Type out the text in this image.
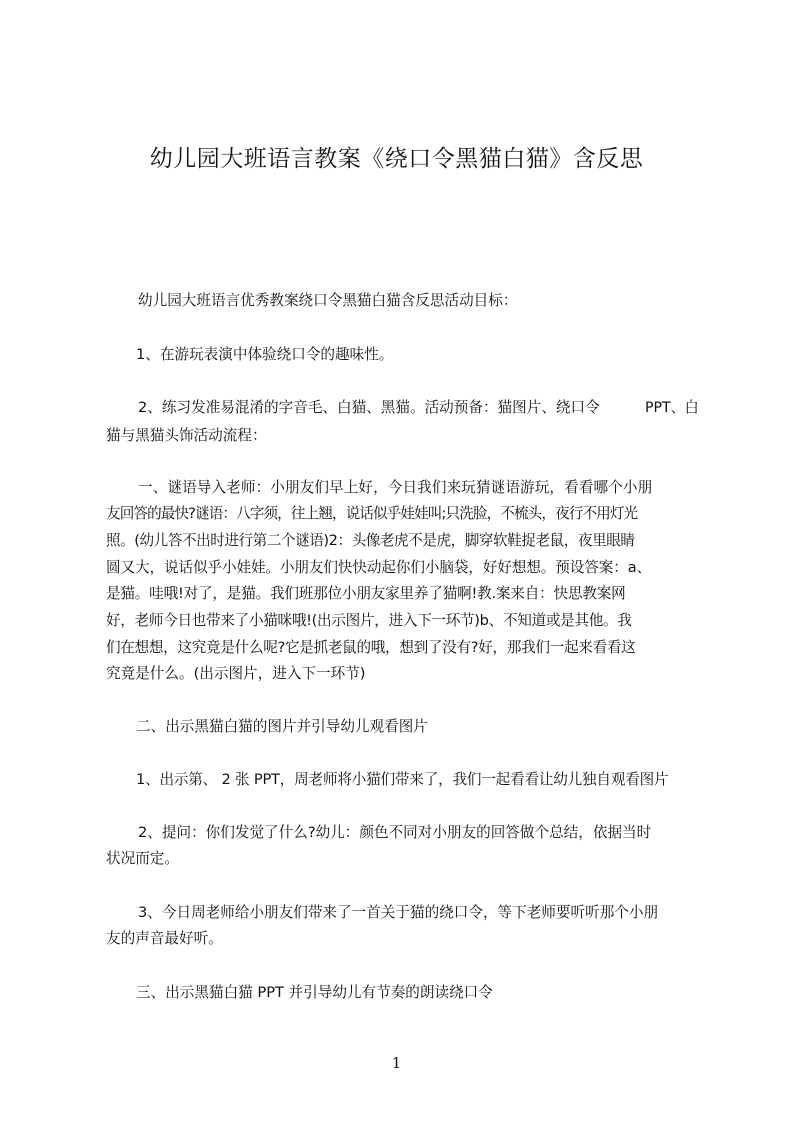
幼儿园大班语言教案《绕口令黑猫白猫》含反思
幼儿园大班语言优秀教案绕口令黑猫白猫含反思活动目标：
1、在游玩表演中体验绕口令的趣味性。
2、练习发准易混淆的字音毛、白猫、黑猫。活动预备：猫图片、绕口令	PPT、白
猫与黑猫头饰活动流程：
一、谜语导入老师：小朋友们早上好，今日我们来玩猜谜语游玩，看看哪个小朋
友回答的最快?谜语：八字须，往上翘，说话似乎娃娃叫;只洗脸，不梳头，夜行不用灯光
照。(幼儿答不出时进行第二个谜语)2：头像老虎不是虎，脚穿软鞋捉老鼠，夜里眼睛
圆又大，说话似乎小娃娃。小朋友们快快动起你们小脑袋，好好想想。预设答案：a、
是猫。哇哦!对了，是猫。我们班那位小朋友家里养了猫啊!教.案来自：快思教案网
好，老师今日也带来了小猫咪哦!(出示图片，进入下一环节)b、不知道或是其他。我
们在想想，这究竟是什么呢?它是抓老鼠的哦，想到了没有?好，那我们一起来看看这
究竟是什么。(出示图片，进入下一环节)
二、出示黑猫白猫的图片并引导幼儿观看图片
1、出示第、 2 张 PPT，周老师将小猫们带来了，我们一起看看让幼儿独自观看图片
2、提问：你们发觉了什么?幼儿：颜色不同对小朋友的回答做个总结，依据当时
状况而定。
3、今日周老师给小朋友们带来了一首关于猫的绕口令，等下老师要听听那个小朋
友的声音最好听。
三、出示黑猫白猫 PPT 并引导幼儿有节奏的朗读绕口令
1
